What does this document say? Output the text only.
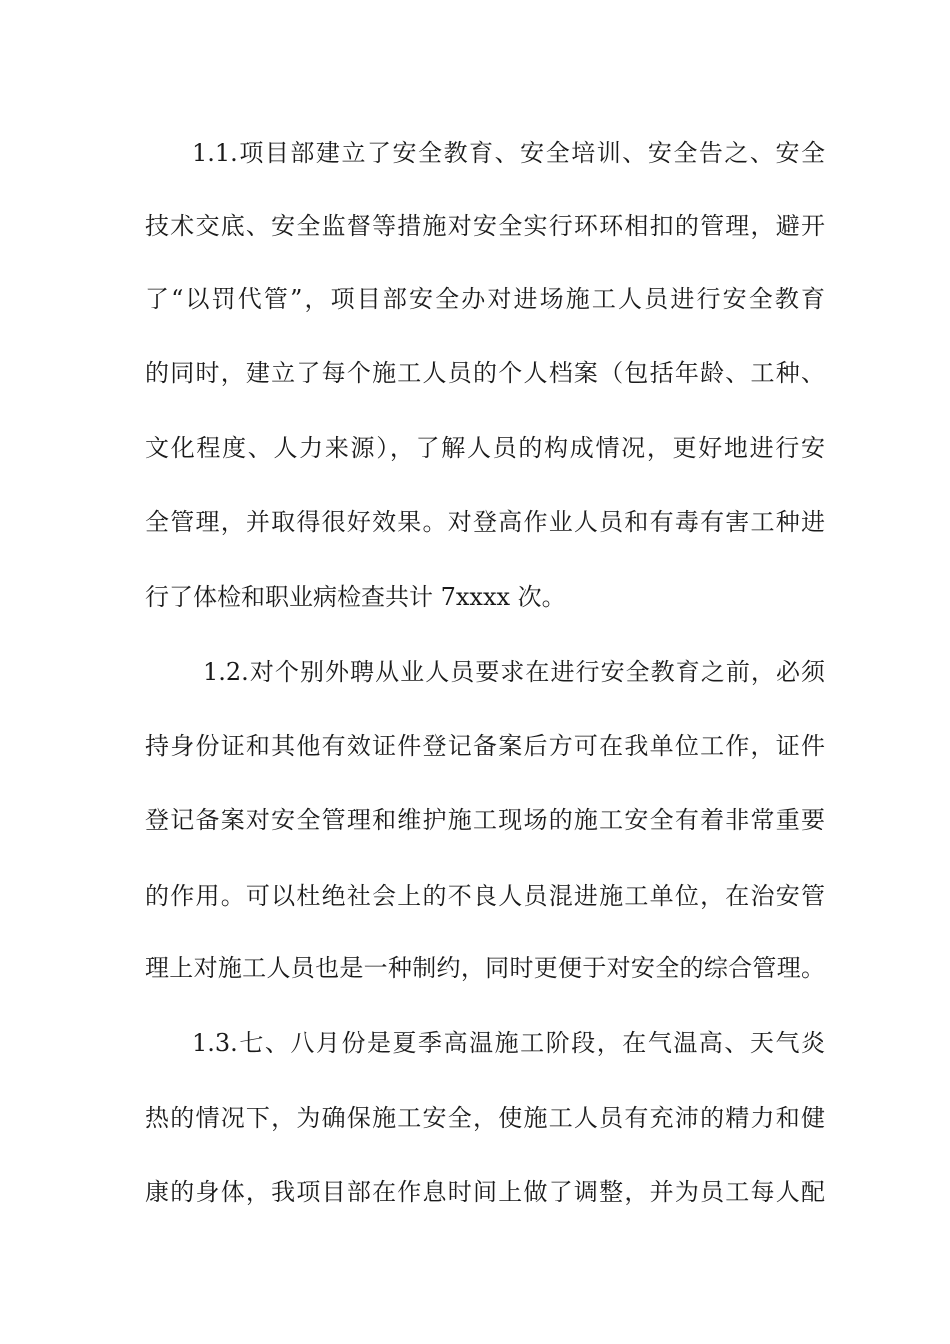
1.1.项目部建立了安全教育、安全培训、安全告之、安全
技术交底、安全监督等措施对安全实行环环相扣的管理，避开
了“以罚代管”，项目部安全办对进场施工人员进行安全教育
的同时，建立了每个施工人员的个人档案（包括年龄、工种、
文化程度、人力来源），了解人员的构成情况，更好地进行安
全管理，并取得很好效果。对登高作业人员和有毒有害工种进
行了体检和职业病检查共计 7xxxx 次。
1.2.对个别外聘从业人员要求在进行安全教育之前，必须
持身份证和其他有效证件登记备案后方可在我单位工作，证件
登记备案对安全管理和维护施工现场的施工安全有着非常重要
的作用。可以杜绝社会上的不良人员混进施工单位，在治安管
理上对施工人员也是一种制约，同时更便于对安全的综合管理。
1.3.七、八月份是夏季高温施工阶段，在气温高、天气炎
热的情况下，为确保施工安全，使施工人员有充沛的精力和健
康的身体，我项目部在作息时间上做了调整，并为员工每人配
